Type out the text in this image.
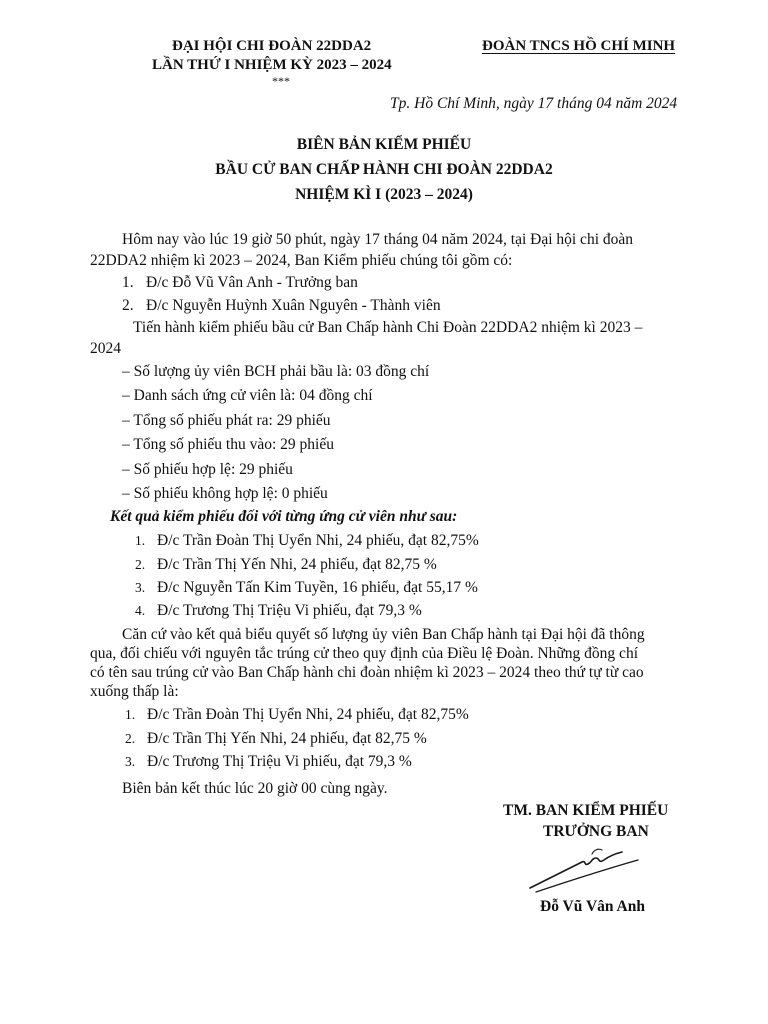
ĐẠI HỘI CHI ĐOÀN 22DDA2
LẦN THỨ I NHIỆM KỲ 2023 – 2024
***
ĐOÀN TNCS HỒ CHÍ MINH
Tp. Hồ Chí Minh, ngày 17 tháng 04 năm 2024
BIÊN BẢN KIỂM PHIẾU
BẦU CỬ BAN CHẤP HÀNH CHI ĐOÀN 22DDA2
NHIỆM KÌ I (2023 – 2024)
Hôm nay vào lúc 19 giờ 50 phút, ngày 17 tháng 04 năm 2024, tại Đại hội chi đoàn
22DDA2 nhiệm kì 2023 – 2024, Ban Kiểm phiếu chúng tôi gồm có:
1. Đ/c Đỗ Vũ Vân Anh - Trưởng ban
2. Đ/c Nguyễn Huỳnh Xuân Nguyên - Thành viên
Tiến hành kiểm phiếu bầu cử Ban Chấp hành Chi Đoàn 22DDA2 nhiệm kì 2023 –
2024
– Số lượng ủy viên BCH phải bầu là: 03 đồng chí
– Danh sách ứng cử viên là: 04 đồng chí
– Tổng số phiếu phát ra: 29 phiếu
– Tổng số phiếu thu vào: 29 phiếu
– Số phiếu hợp lệ: 29 phiếu
– Số phiếu không hợp lệ: 0 phiếu
Kết quả kiểm phiếu đối với từng ứng cử viên như sau:
1. Đ/c Trần Đoàn Thị Uyển Nhi, 24 phiếu, đạt 82,75%
2. Đ/c Trần Thị Yến Nhi, 24 phiếu, đạt 82,75 %
3. Đ/c Nguyễn Tấn Kim Tuyền, 16 phiếu, đạt 55,17 %
4. Đ/c Trương Thị Triệu Vi phiếu, đạt 79,3 %
Căn cứ vào kết quả biểu quyết số lượng ủy viên Ban Chấp hành tại Đại hội đã thông
qua, đối chiếu với nguyên tắc trúng cử theo quy định của Điều lệ Đoàn. Những đồng chí
có tên sau trúng cử vào Ban Chấp hành chi đoàn nhiệm kì 2023 – 2024 theo thứ tự từ cao
xuống thấp là:
1. Đ/c Trần Đoàn Thị Uyển Nhi, 24 phiếu, đạt 82,75%
2. Đ/c Trần Thị Yến Nhi, 24 phiếu, đạt 82,75 %
3. Đ/c Trương Thị Triệu Vi phiếu, đạt 79,3 %
Biên bản kết thúc lúc 20 giờ 00 cùng ngày.
TM. BAN KIỂM PHIẾU
TRƯỞNG BAN
Đỗ Vũ Vân Anh
